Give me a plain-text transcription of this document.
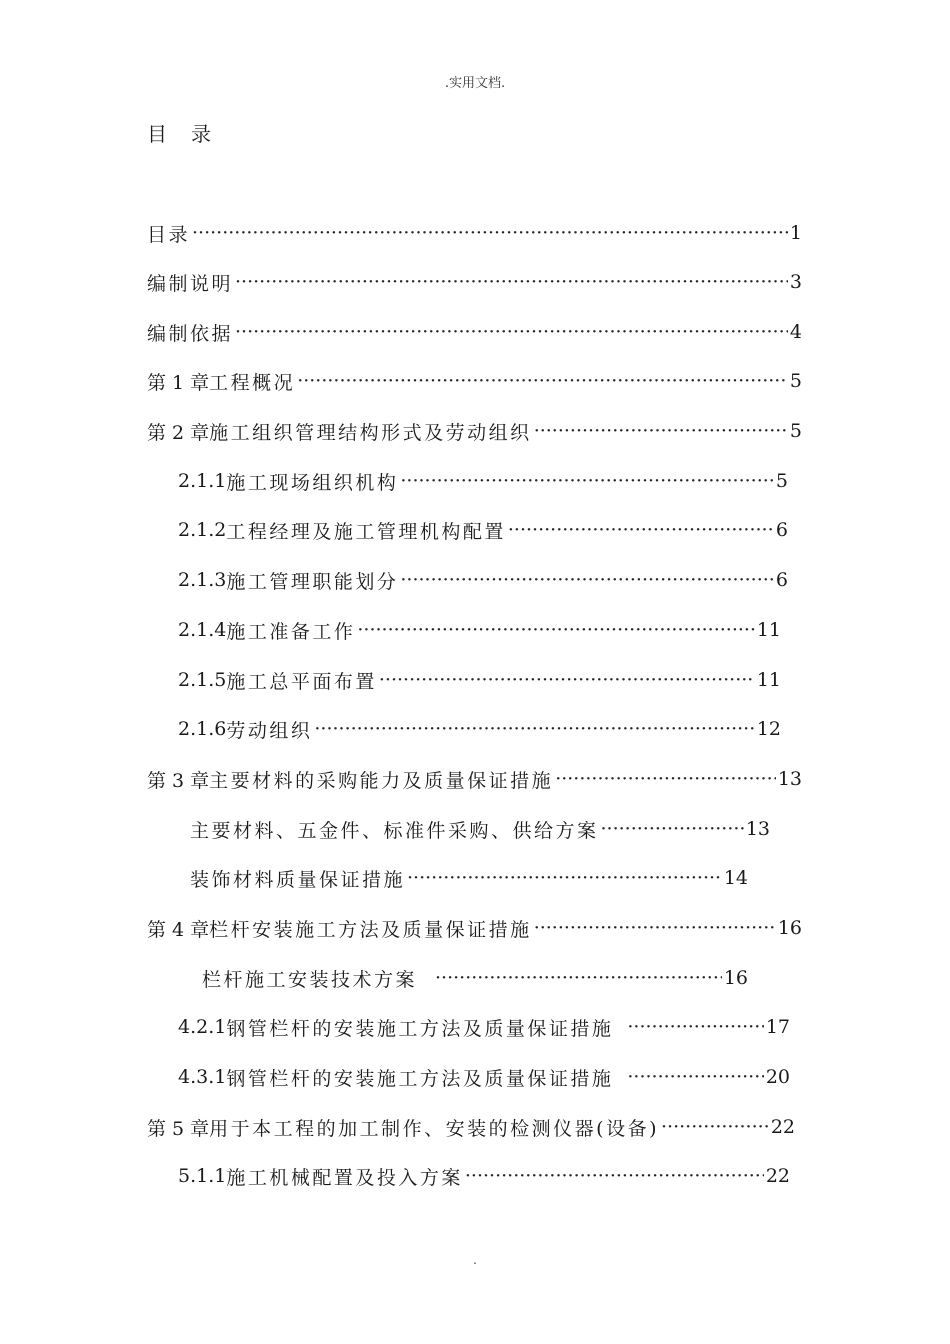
.实用文档.
目 录
目录 ·····	1
编制说明 ·····	3
编制依据 ·····	4
第 1 章 工程概况 ·····	5
第 2 章 施工组织管理结构形式及劳动组织 ·····	5
2.1.1 施工现场组织机构 ·····	5
2.1.2 工程经理及施工管理机构配置 ·····	6
2.1.3 施工管理职能划分 ·····	6
2.1.4 施工准备工作 ·····	11
2.1.5 施工总平面布置 ·····	11
2.1.6 劳动组织 ·····	12
第 3 章 主要材料的采购能力及质量保证措施 ·····	13
主要材料、五金件、标准件采购、供给方案 ·····	13
装饰材料质量保证措施 ·····	14
第 4 章 栏杆安装施工方法及质量保证措施 ·····	16
栏杆施工安装技术方案 ·····	16
4.2.1 钢管栏杆的安装施工方法及质量保证措施 ·····	17
4.3.1 钢管栏杆的安装施工方法及质量保证措施 ·····	20
第 5 章 用于本工程的加工制作、安装的检测仪器(设备) ·····	22
5.1.1 施工机械配置及投入方案 ·····	22
.
